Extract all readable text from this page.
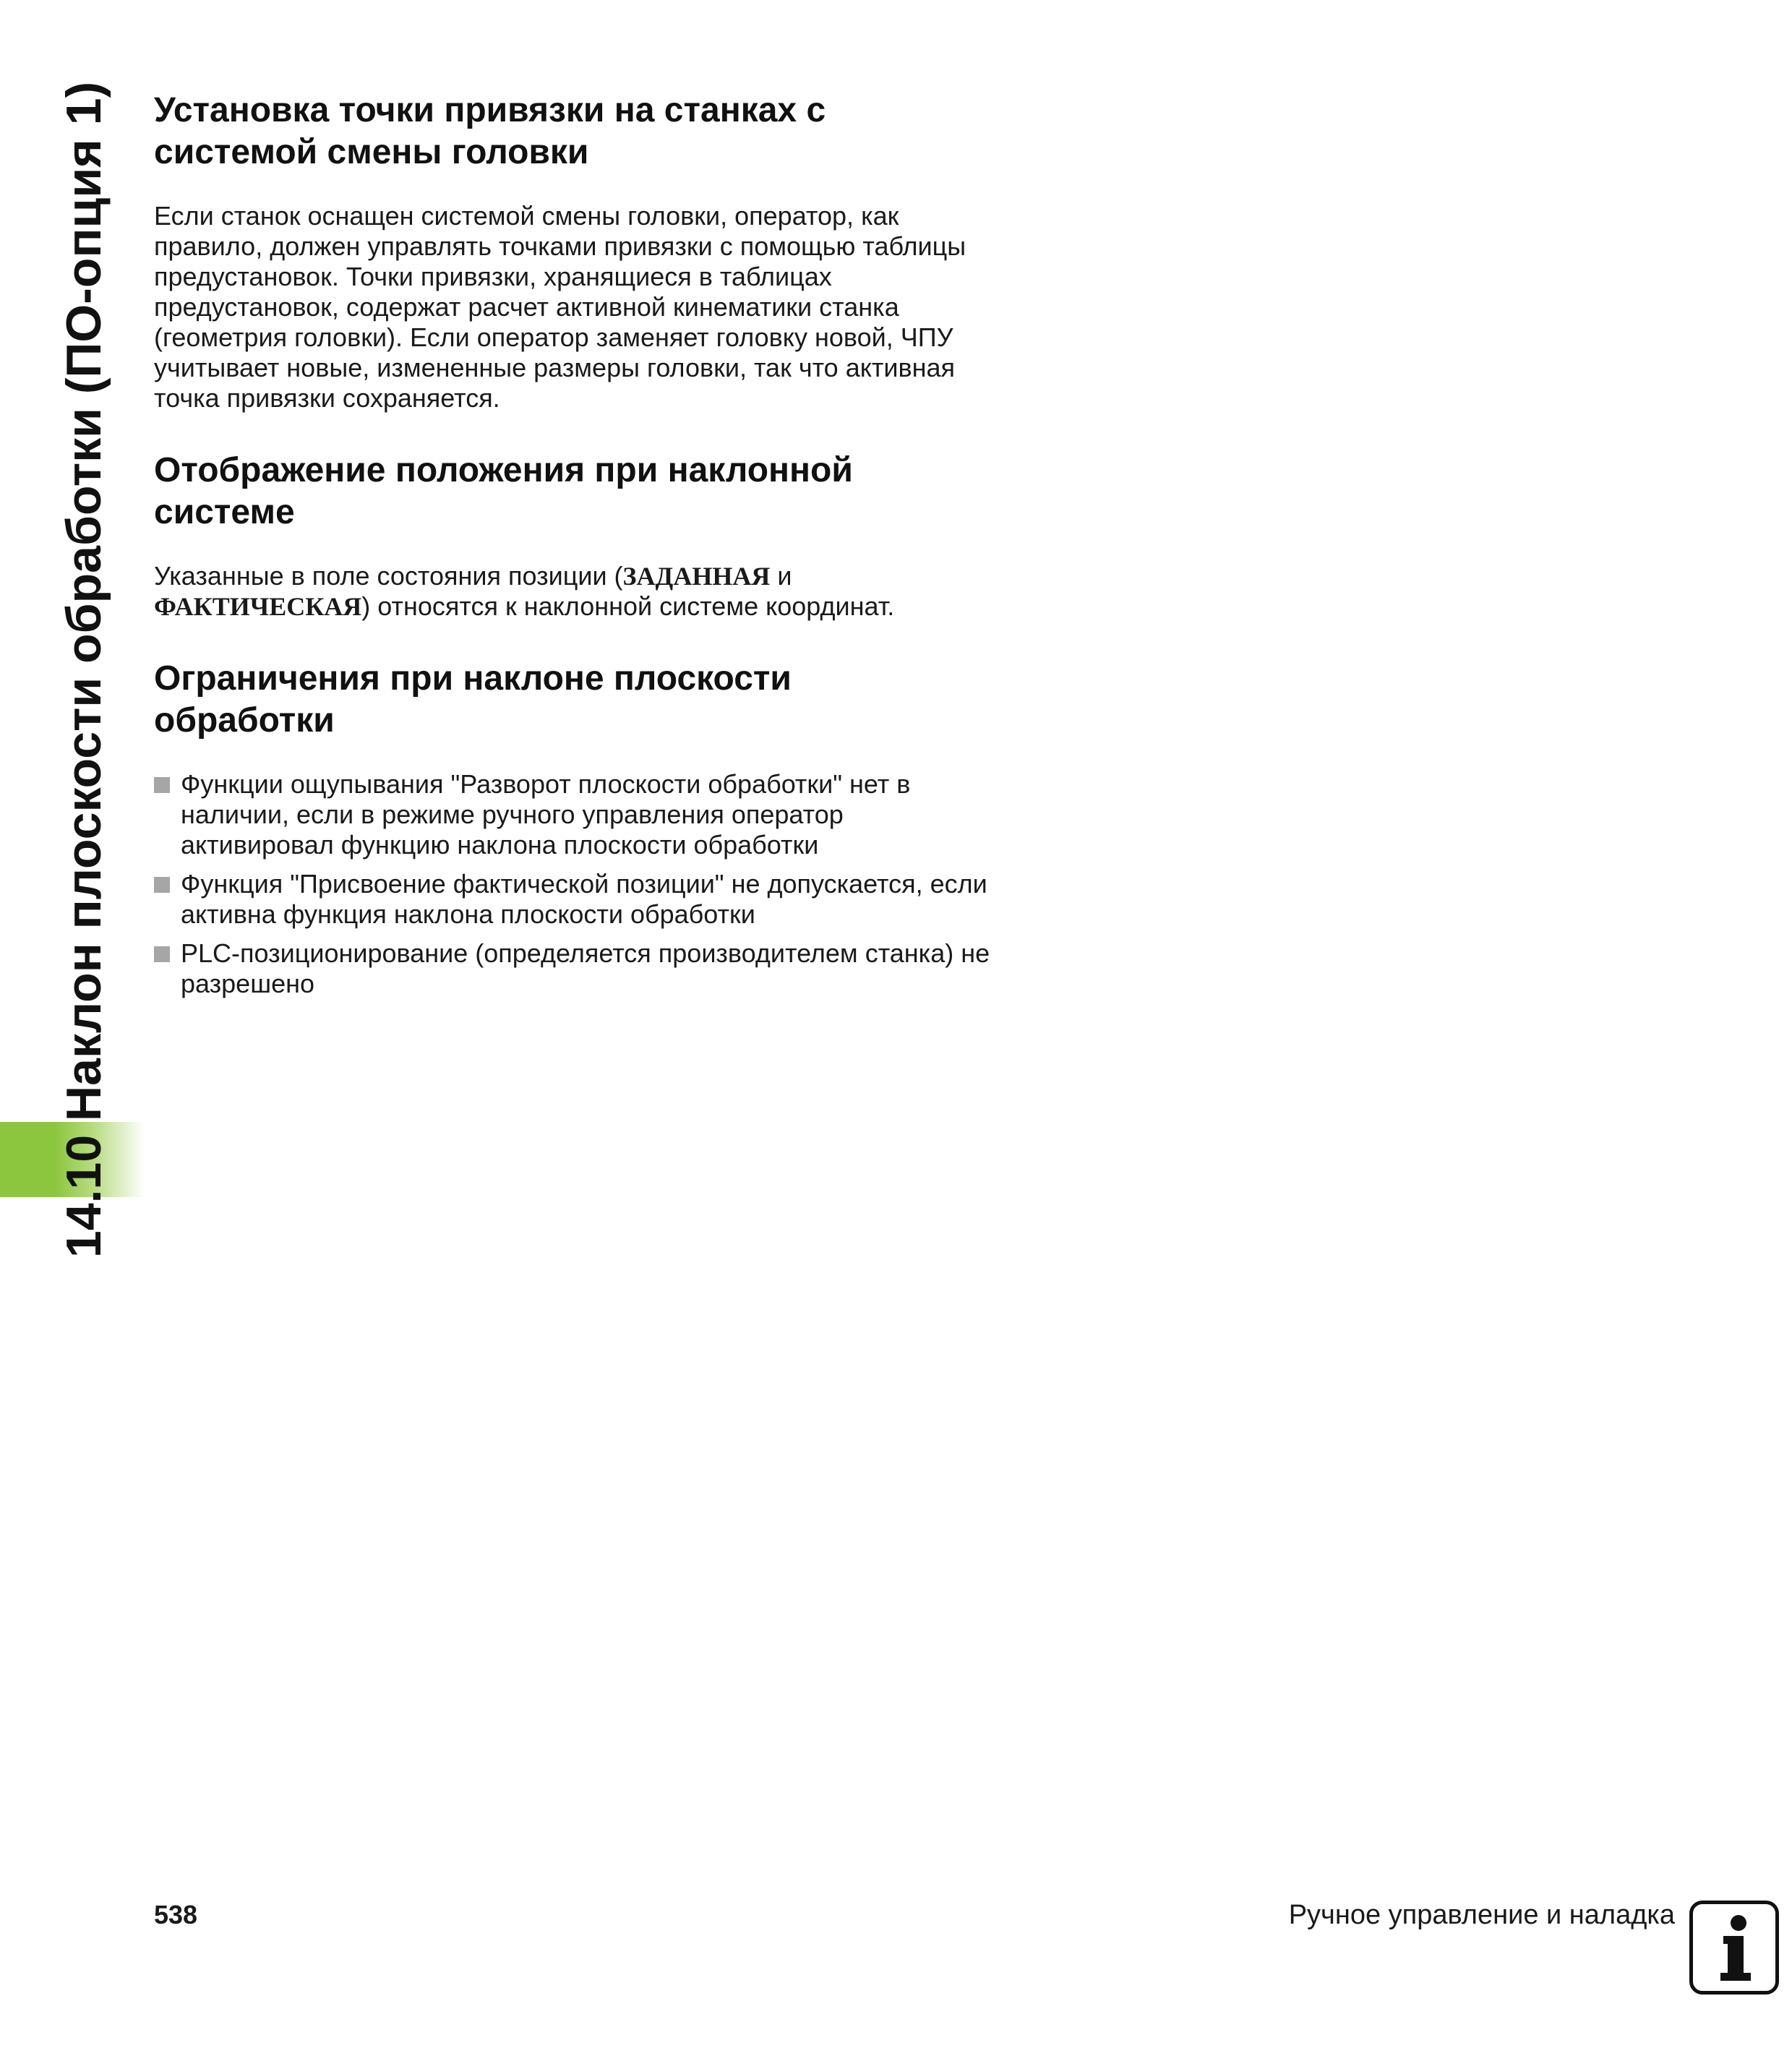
14.10 Наклон плоскости обработки (ПО-опция 1) Установка точки привязки на станках с
системой смены головки

Если станок оснащен системой смены головки, оператор, как правило, должен управлять точками привязки с помощью таблицы предустановок. Точки привязки, хранящиеся в таблицах предустановок, содержат расчет активной кинематики станка (геометрия головки). Если оператор заменяет головку новой, ЧПУ учитывает новые, измененные размеры головки, так что активная точка привязки сохраняется.

Отображение положения при наклонной
системе

Указанные в поле состояния позиции (ЗАДАННАЯ и
ФАКТИЧЕСКАЯ) относятся к наклонной системе координат.

Ограничения при наклоне плоскости
обработки
Функции ощупывания "Разворот плоскости обработки" нет в наличии, если в режиме ручного управления оператор активировал функцию наклона плоскости обработки
Функция "Присвоение фактической позиции" не допускается, если активна функция наклона плоскости обработки
PLC-позиционирование (определяется производителем станка) не разрешено
538	Ручное управление и наладка
